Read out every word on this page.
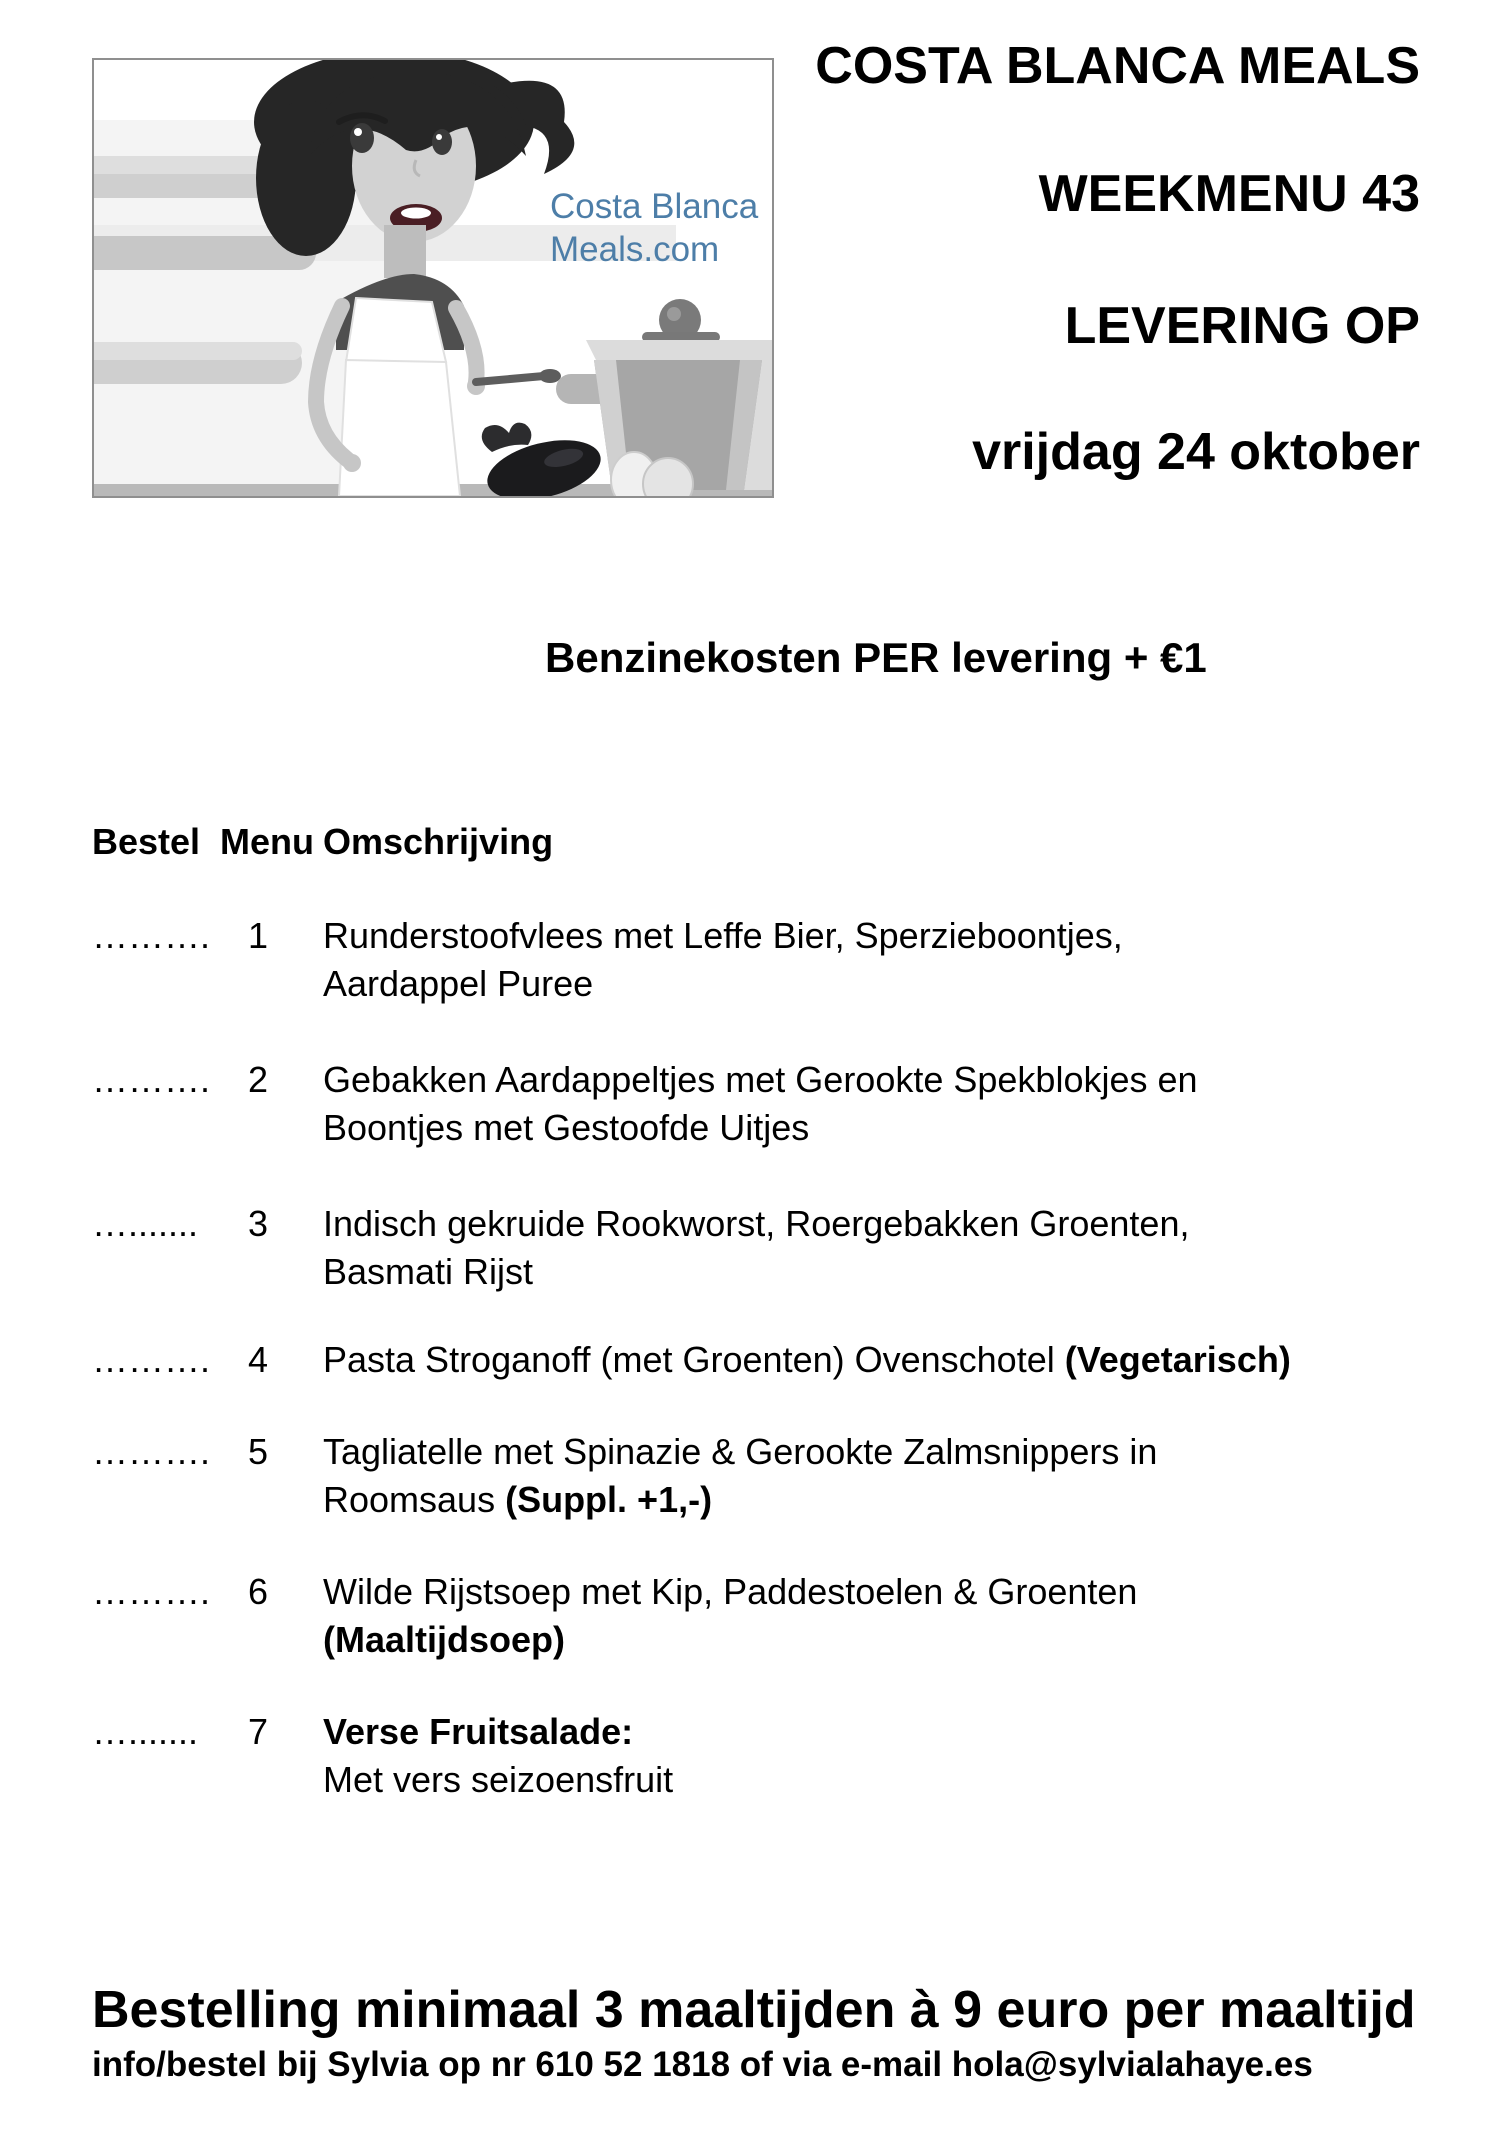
Costa Blanca
Meals.com
COSTA BLANCA MEALS
WEEKMENU 43
LEVERING OP
vrijdag 24 oktober
Benzinekosten PER levering + €1
Bestel Menu Omschrijving
……….	1	Runderstoofvlees met Leffe Bier, Sperzieboontjes,
Aardappel Puree
……….	2	Gebakken Aardappeltjes met Gerookte Spekblokjes en
Boontjes met Gestoofde Uitjes
….......	3	Indisch gekruide Rookworst, Roergebakken Groenten,
Basmati Rijst
……….	4	Pasta Stroganoff (met Groenten) Ovenschotel (Vegetarisch)
……….	5	Tagliatelle met Spinazie & Gerookte Zalmsnippers in
Roomsaus (Suppl. +1,-)
……….	6	Wilde Rijstsoep met Kip, Paddestoelen & Groenten
(Maaltijdsoep)
….......	7	Verse Fruitsalade:
Met vers seizoensfruit
Bestelling minimaal 3 maaltijden à 9 euro per maaltijd
info/bestel bij Sylvia op nr 610 52 1818 of via e-mail hola@sylvialahaye.es
